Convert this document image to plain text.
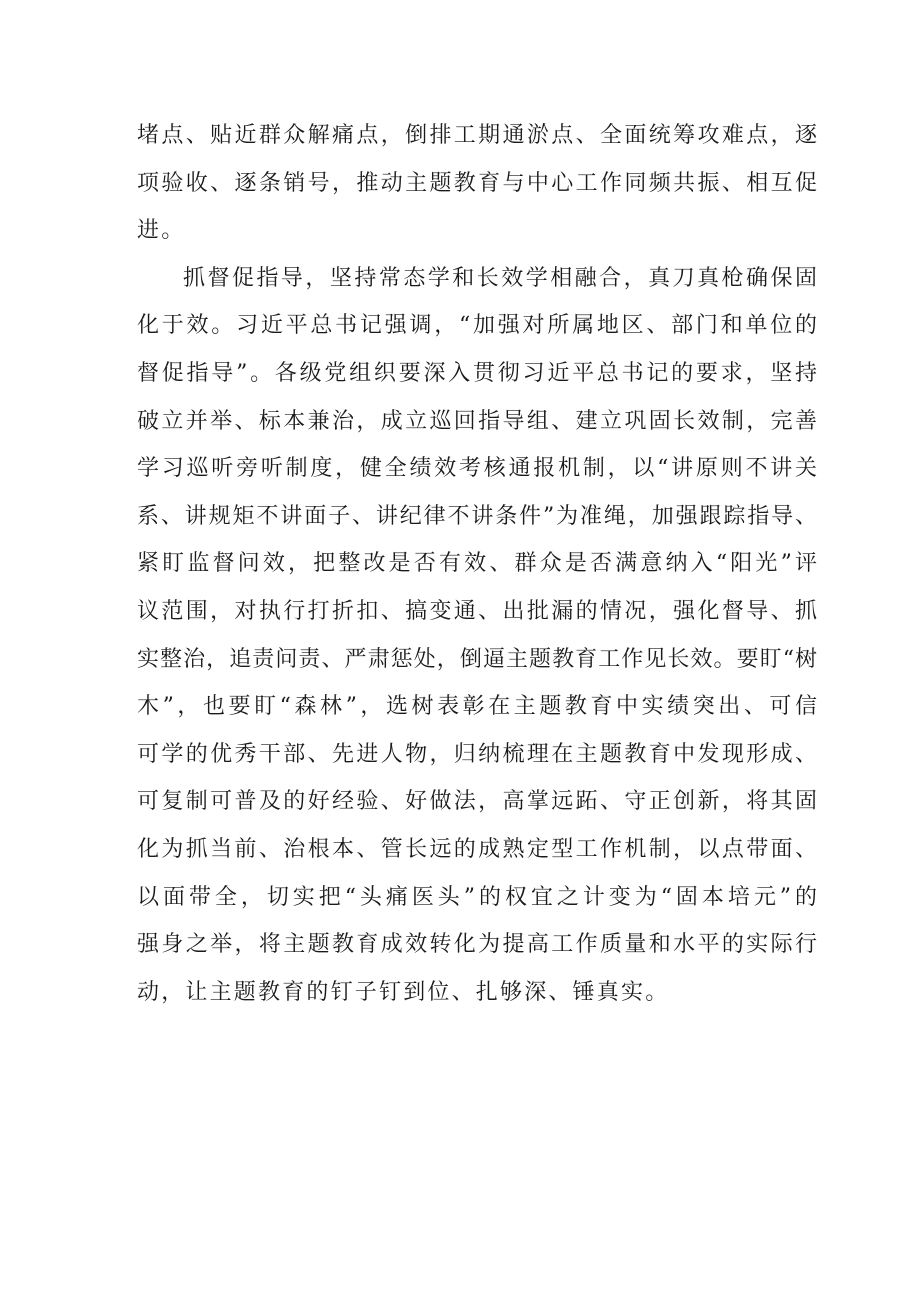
堵点、贴近群众解痛点，倒排工期通淤点、全面统筹攻难点，逐
项验收、逐条销号，推动主题教育与中心工作同频共振、相互促
进。
抓督促指导，坚持常态学和长效学相融合，真刀真枪确保固
化于效。习近平总书记强调，“加强对所属地区、部门和单位的
督促指导”。各级党组织要深入贯彻习近平总书记的要求，坚持
破立并举、标本兼治，成立巡回指导组、建立巩固长效制，完善
学习巡听旁听制度，健全绩效考核通报机制，以“讲原则不讲关
系、讲规矩不讲面子、讲纪律不讲条件”为准绳，加强跟踪指导、
紧盯监督问效，把整改是否有效、群众是否满意纳入“阳光”评
议范围，对执行打折扣、搞变通、出批漏的情况，强化督导、抓
实整治，追责问责、严肃惩处，倒逼主题教育工作见长效。要盯“树
木”，也要盯“森林”，选树表彰在主题教育中实绩突出、可信
可学的优秀干部、先进人物，归纳梳理在主题教育中发现形成、
可复制可普及的好经验、好做法，高掌远跖、守正创新，将其固
化为抓当前、治根本、管长远的成熟定型工作机制，以点带面、
以面带全，切实把“头痛医头”的权宜之计变为“固本培元”的
强身之举，将主题教育成效转化为提高工作质量和水平的实际行
动，让主题教育的钉子钉到位、扎够深、锤真实。
